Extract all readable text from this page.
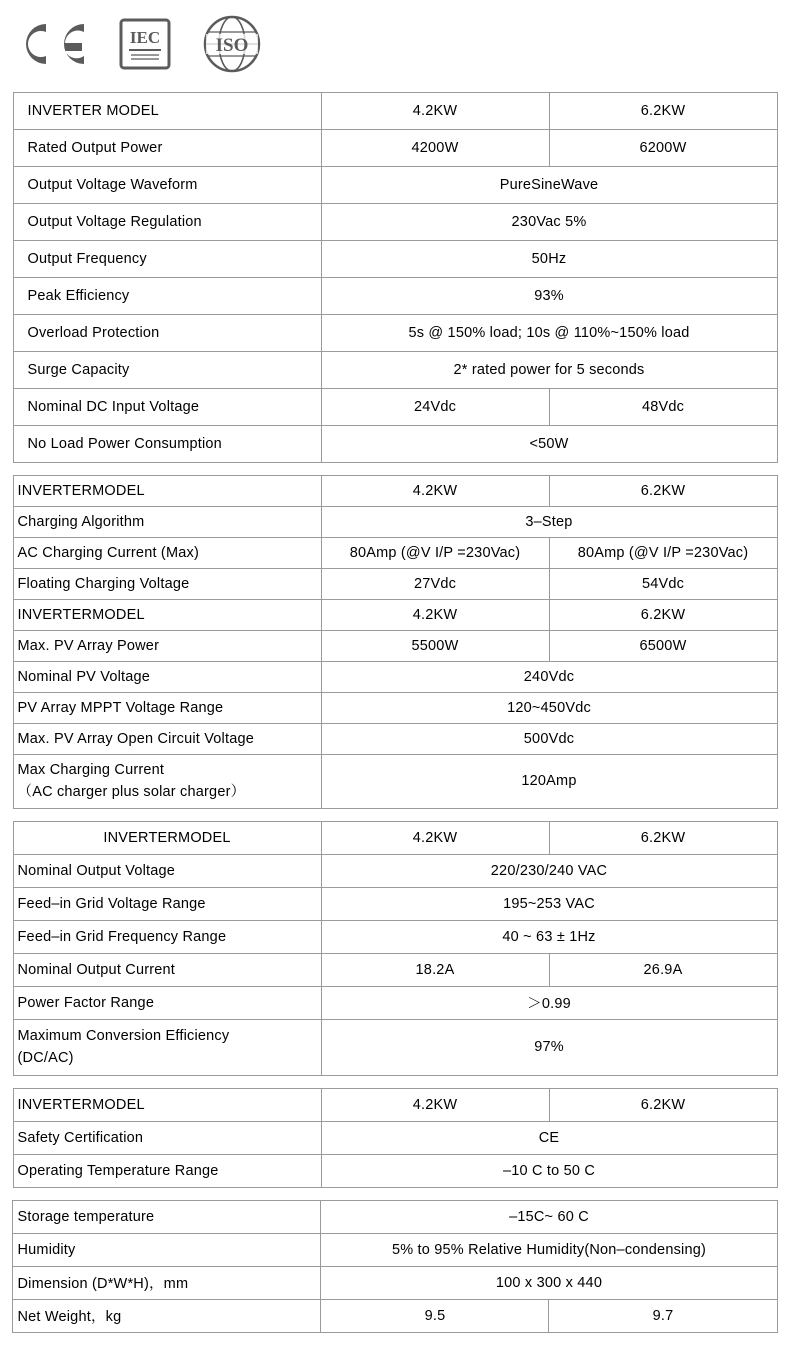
IEC	ISO
INVERTER MODEL	4.2KW	6.2KW
Rated Output Power	4200W	6200W
Output Voltage Waveform	PureSineWave	
Output Voltage Regulation	230Vac 5%	
Output Frequency	50Hz	
Peak Efficiency	93%	
Overload Protection	5s @ 150% load; 10s @ 110%~150% load	
Surge Capacity	2* rated power for 5 seconds	
Nominal DC Input Voltage	24Vdc	48Vdc
No Load Power Consumption	<50W	
INVERTERMODEL	4.2KW	6.2KW
Charging Algorithm	3–Step	
AC Charging Current (Max)	80Amp (@V I/P =230Vac)	80Amp (@V I/P =230Vac)
Floating Charging Voltage	27Vdc	54Vdc
INVERTERMODEL	4.2KW	6.2KW
Max. PV Array Power	5500W	6500W
Nominal PV Voltage	240Vdc	
PV Array MPPT Voltage Range	120~450Vdc	
Max. PV Array Open Circuit Voltage	500Vdc	
Max Charging Current
（AC charger plus solar charger）	120Amp	
INVERTERMODEL	4.2KW	6.2KW
Nominal Output Voltage	220/230/240 VAC	
Feed–in Grid Voltage Range	195~253 VAC	
Feed–in Grid Frequency Range	40 ~ 63 ± 1Hz	
Nominal Output Current	18.2A	26.9A
Power Factor Range	＞0.99	
Maximum Conversion Efficiency
(DC/AC)	97%	
INVERTERMODEL	4.2KW	6.2KW
Safety Certification	CE	
Operating Temperature Range	–10 C to 50 C	
Storage temperature	–15C~ 60 C	
Humidity	5% to 95% Relative Humidity(Non–condensing)	
Dimension (D*W*H)，mm	100 x 300 x 440	
Net Weight，kg	9.5	9.7
